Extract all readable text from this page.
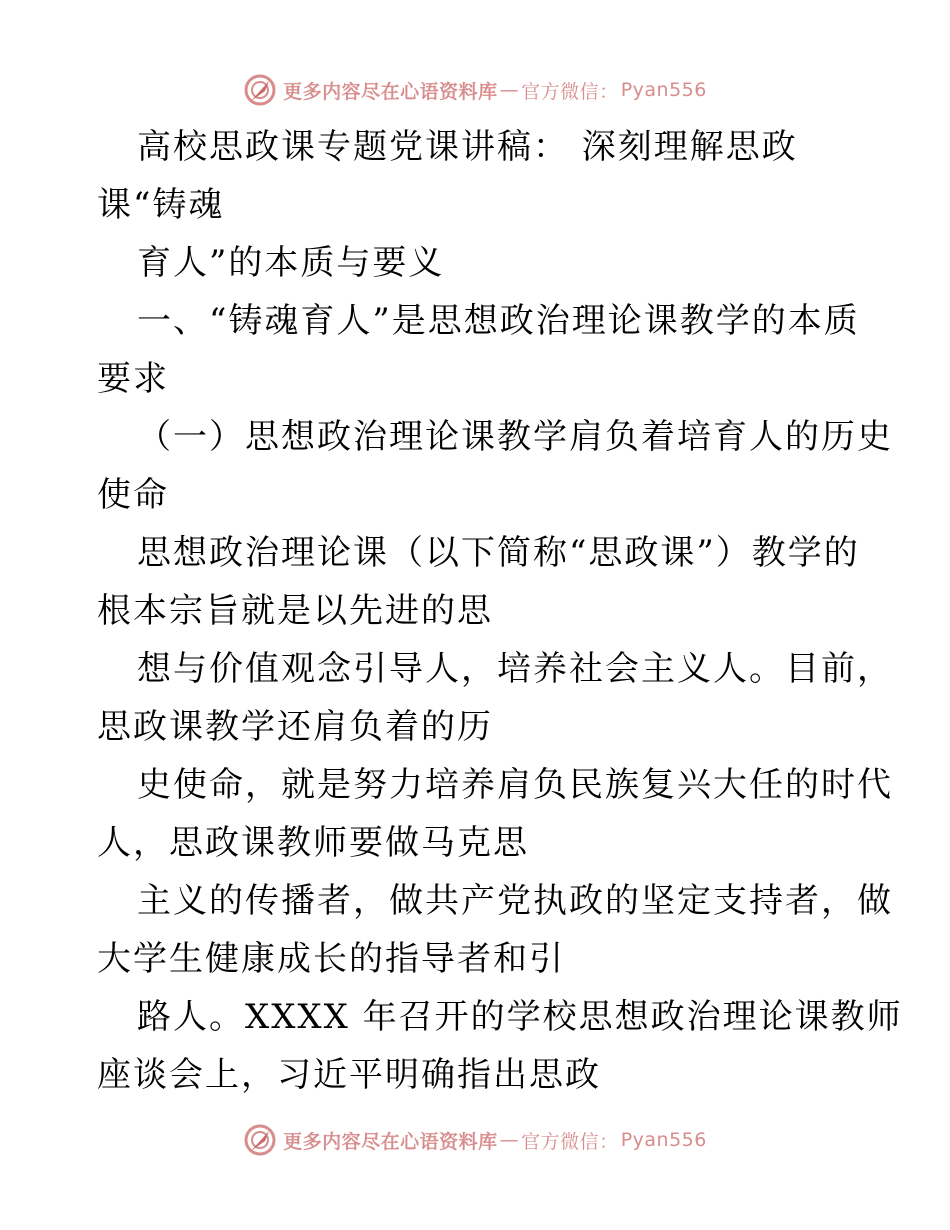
更多内容尽在心语资料库 — 官方微信： Pyan556
高校思政课专题党课讲稿： 深刻理解思政
课“铸魂
育人”的本质与要义
一、“铸魂育人”是思想政治理论课教学的本质
要求
（一）思想政治理论课教学肩负着培育人的历史
使命
思想政治理论课（以下简称“思政课”）教学的
根本宗旨就是以先进的思
想与价值观念引导人，培养社会主义人。目前，
思政课教学还肩负着的历
史使命，就是努力培养肩负民族复兴大任的时代
人，思政课教师要做马克思
主义的传播者，做共产党执政的坚定支持者，做
大学生健康成长的指导者和引
路人。XXXX 年召开的学校思想政治理论课教师
座谈会上，习近平明确指出思政
更多内容尽在心语资料库 — 官方微信： Pyan556
